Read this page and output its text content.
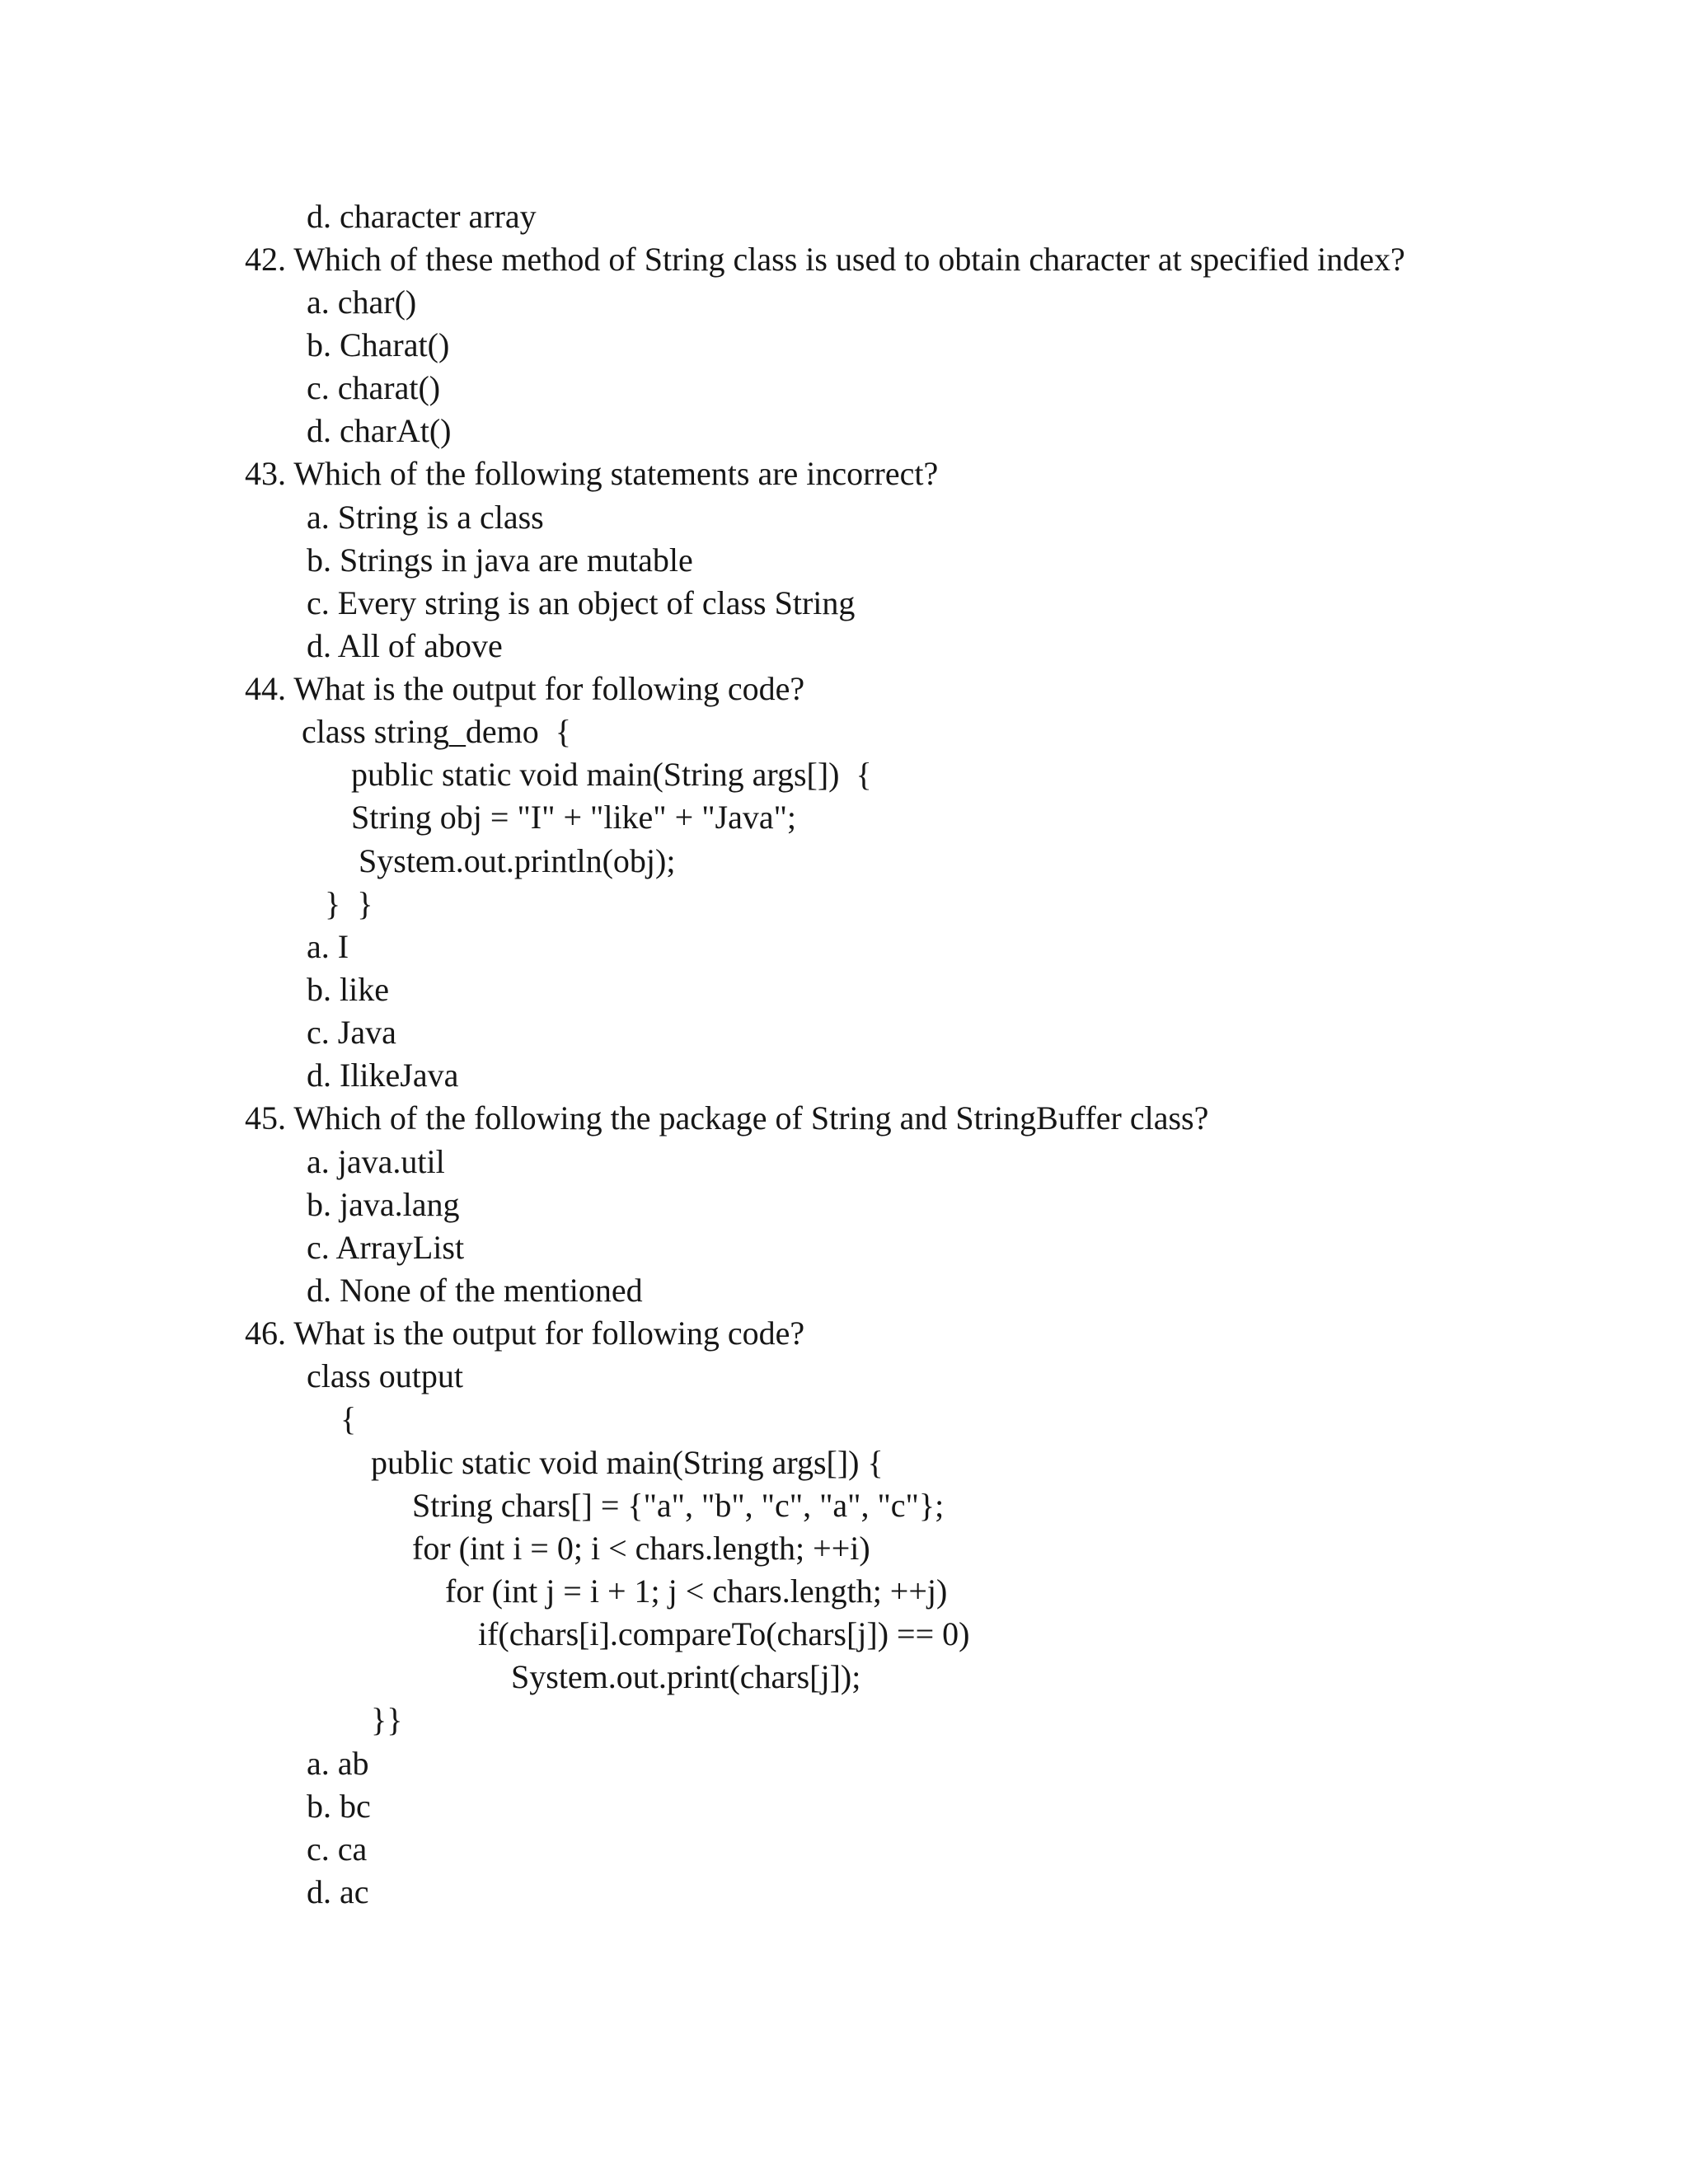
d. character array
42. Which of these method of String class is used to obtain character at specified index?
a. char()
b. Charat()
c. charat()
d. charAt()
43. Which of the following statements are incorrect?
a. String is a class
b. Strings in java are mutable
c. Every string is an object of class String
d. All of above
44. What is the output for following code?
class string_demo  {
public static void main(String args[])  {
String obj = "I" + "like" + "Java";
System.out.println(obj);
}  }
a. I
b. like
c. Java
d. IlikeJava
45. Which of the following the package of String and StringBuffer class?
a. java.util
b. java.lang
c. ArrayList
d. None of the mentioned
46. What is the output for following code?
class output
{
public static void main(String args[]) {
String chars[] = {"a", "b", "c", "a", "c"};
for (int i = 0; i < chars.length; ++i)
for (int j = i + 1; j < chars.length; ++j)
if(chars[i].compareTo(chars[j]) == 0)
System.out.print(chars[j]);
}}
a. ab
b. bc
c. ca
d. ac
